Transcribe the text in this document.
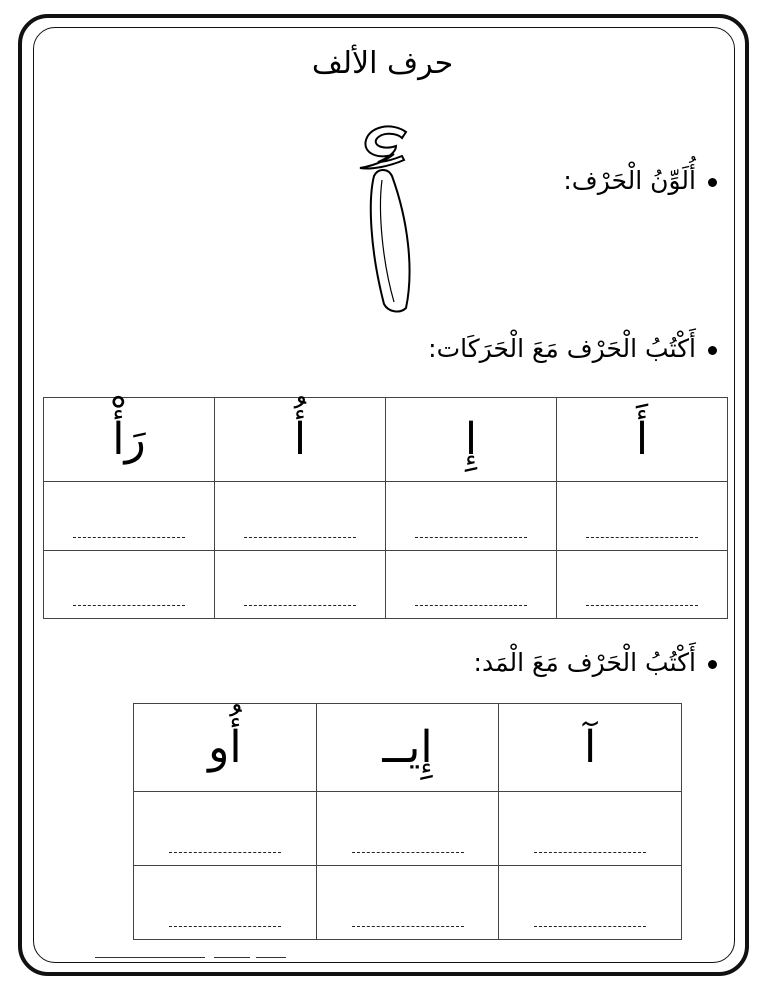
حرف الألف
أُلَوِّنُ الْحَرْف:
أَكْتُبُ الْحَرْف مَعَ الْحَرَكَات:
أَ	إِ	أُ	رَأْ

أَكْتُبُ الْحَرْف مَعَ الْمَد:
آ	إِيــ	أُو
